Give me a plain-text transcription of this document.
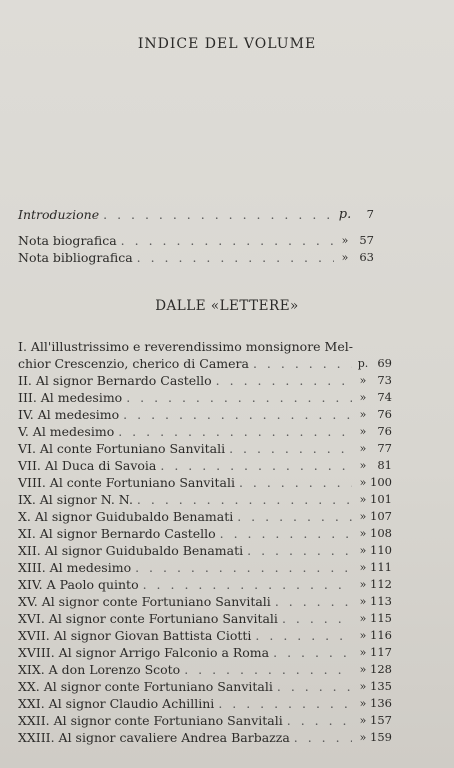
INDICE DEL VOLUME
Introduzione . . .	p.	7
Nota biografica . . .	» 57
Nota bibliografica . . .	» 63
DALLE «LETTERE»
I. All'illustrissimo e reverendissimo monsignore Mel-
chior Crescenzio, cherico di Camera . . .	p. 69
II. Al signor Bernardo Castello . . .	» 73
III. Al medesimo . . .	» 74
IV. Al medesimo . . .	» 76
V. Al medesimo . . .	» 76
VI. Al conte Fortuniano Sanvitali . . .	» 77
VII. Al Duca di Savoia . . .	» 81
VIII. Al conte Fortuniano Sanvitali . . .	» 100
IX. Al signor N. N. . . .	» 101
X. Al signor Guidubaldo Benamati . . .	» 107
XI. Al signor Bernardo Castello . . .	» 108
XII. Al signor Guidubaldo Benamati . . .	» 110
XIII. Al medesimo . . .	» 111
XIV. A Paolo quinto . . .	» 112
XV. Al signor conte Fortuniano Sanvitali . . .	» 113
XVI. Al signor conte Fortuniano Sanvitali . . .	» 115
XVII. Al signor Giovan Battista Ciotti . . .	» 116
XVIII. Al signor Arrigo Falconio a Roma . . .	» 117
XIX. A don Lorenzo Scoto . . .	» 128
XX. Al signor conte Fortuniano Sanvitali . . .	» 135
XXI. Al signor Claudio Achillini . . .	» 136
XXII. Al signor conte Fortuniano Sanvitali . . .	» 157
XXIII. Al signor cavaliere Andrea Barbazza . . .	» 159
